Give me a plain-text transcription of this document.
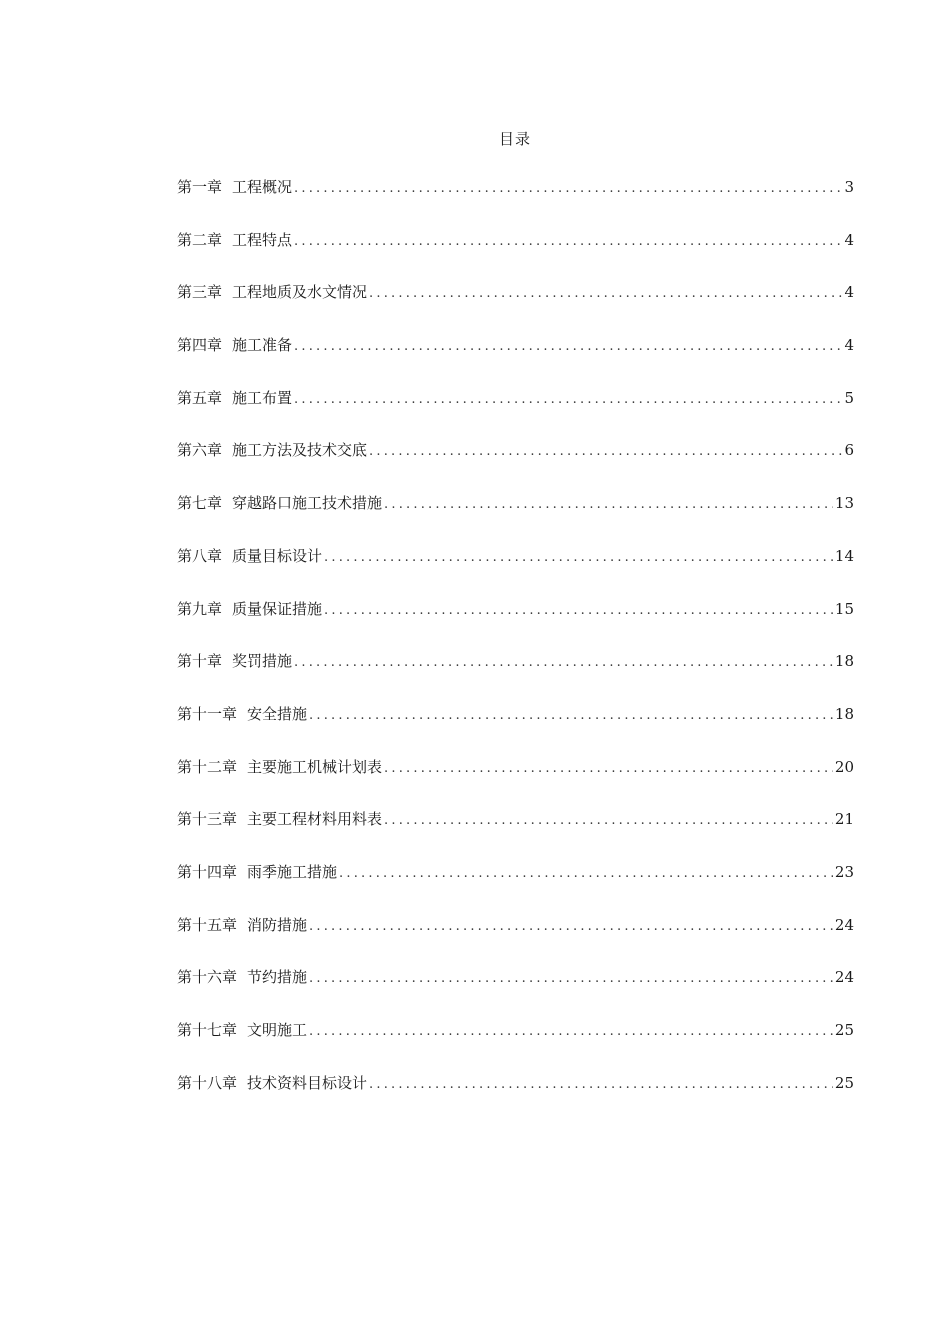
目录
第一章 工程概况 .....	3
第二章 工程特点 .....	4
第三章 工程地质及水文情况 .....	4
第四章 施工准备 .....	4
第五章 施工布置 .....	5
第六章 施工方法及技术交底 .....	6
第七章 穿越路口施工技术措施 .....	13
第八章 质量目标设计 .....	14
第九章 质量保证措施 .....	15
第十章 奖罚措施 .....	18
第十一章 安全措施 .....	18
第十二章 主要施工机械计划表 .....	20
第十三章 主要工程材料用料表 .....	21
第十四章 雨季施工措施 .....	23
第十五章 消防措施 .....	24
第十六章 节约措施 .....	24
第十七章 文明施工 .....	25
第十八章 技术资料目标设计 .....	25
